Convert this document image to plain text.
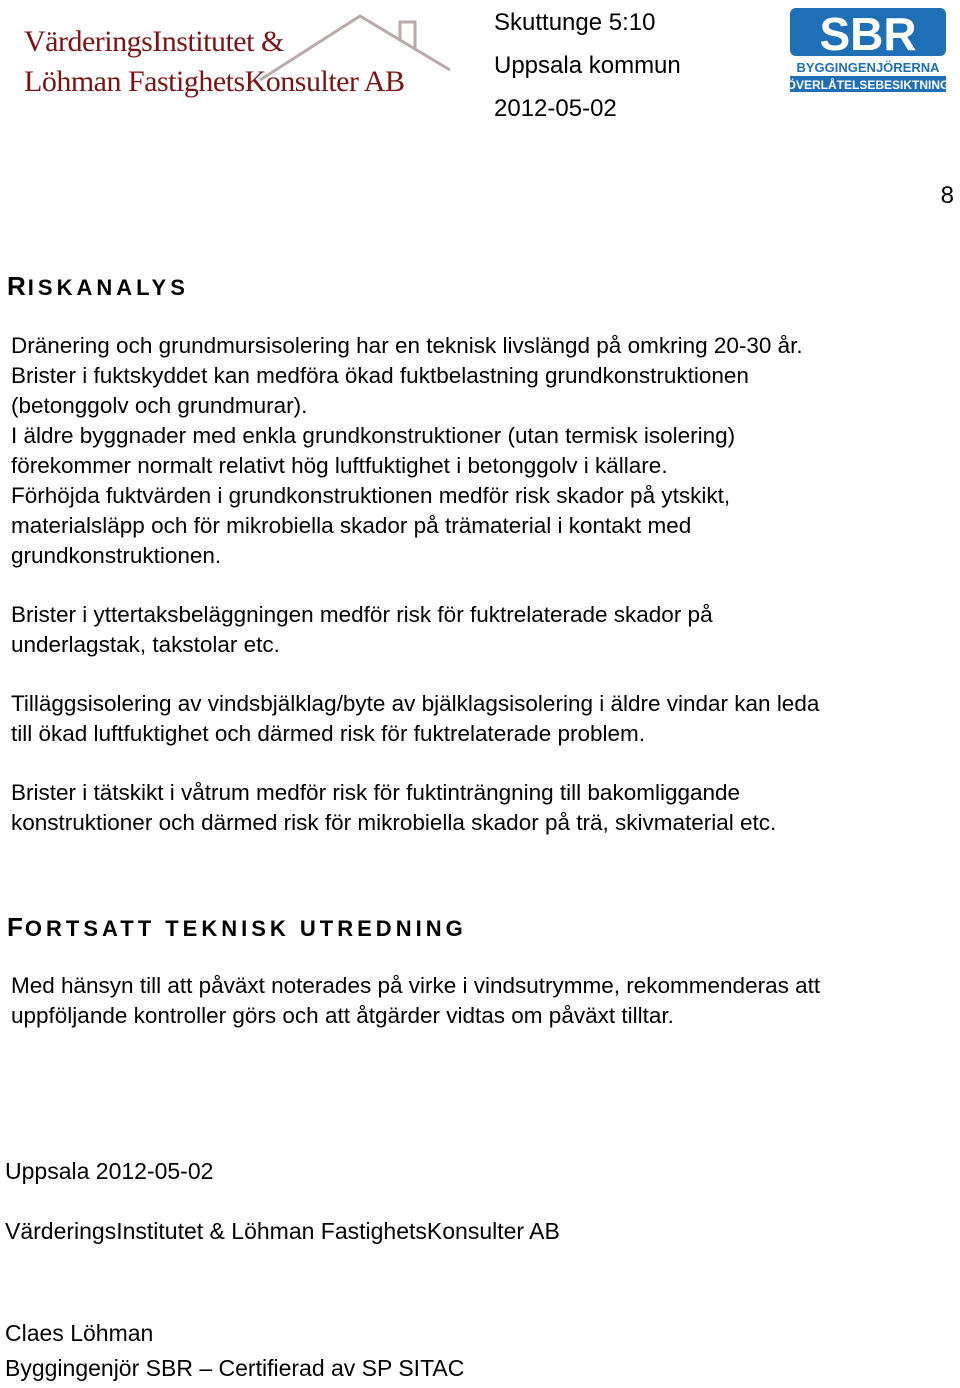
VärderingsInstitutet &
Löhman FastighetsKonsulter AB
Skuttunge 5:10
Uppsala kommun
2012-05-02
SBR
BYGGINGENJÖRERNA
ÖVERLÅTELSEBESIKTNING
8
RISKANALYS
Dränering och grundmursisolering har en teknisk livslängd på omkring 20-30 år.
Brister i fuktskyddet kan medföra ökad fuktbelastning grundkonstruktionen
(betonggolv och grundmurar).
I äldre byggnader med enkla grundkonstruktioner (utan termisk isolering)
förekommer normalt relativt hög luftfuktighet i betonggolv i källare.
Förhöjda fuktvärden i grundkonstruktionen medför risk skador på ytskikt,
materialsläpp och för mikrobiella skador på trämaterial i kontakt med
grundkonstruktionen.
Brister i yttertaksbeläggningen medför risk för fuktrelaterade skador på
underlagstak, takstolar etc.
Tilläggsisolering av vindsbjälklag/byte av bjälklagsisolering i äldre vindar kan leda
till ökad luftfuktighet och därmed risk för fuktrelaterade problem.
Brister i tätskikt i våtrum medför risk för fuktinträngning till bakomliggande
konstruktioner och därmed risk för mikrobiella skador på trä, skivmaterial etc.
FORTSATT TEKNISK UTREDNING
Med hänsyn till att påväxt noterades på virke i vindsutrymme, rekommenderas att
uppföljande kontroller görs och att åtgärder vidtas om påväxt tilltar.
Uppsala 2012-05-02
VärderingsInstitutet & Löhman FastighetsKonsulter AB
Claes Löhman
Byggingenjör SBR – Certifierad av SP SITAC
